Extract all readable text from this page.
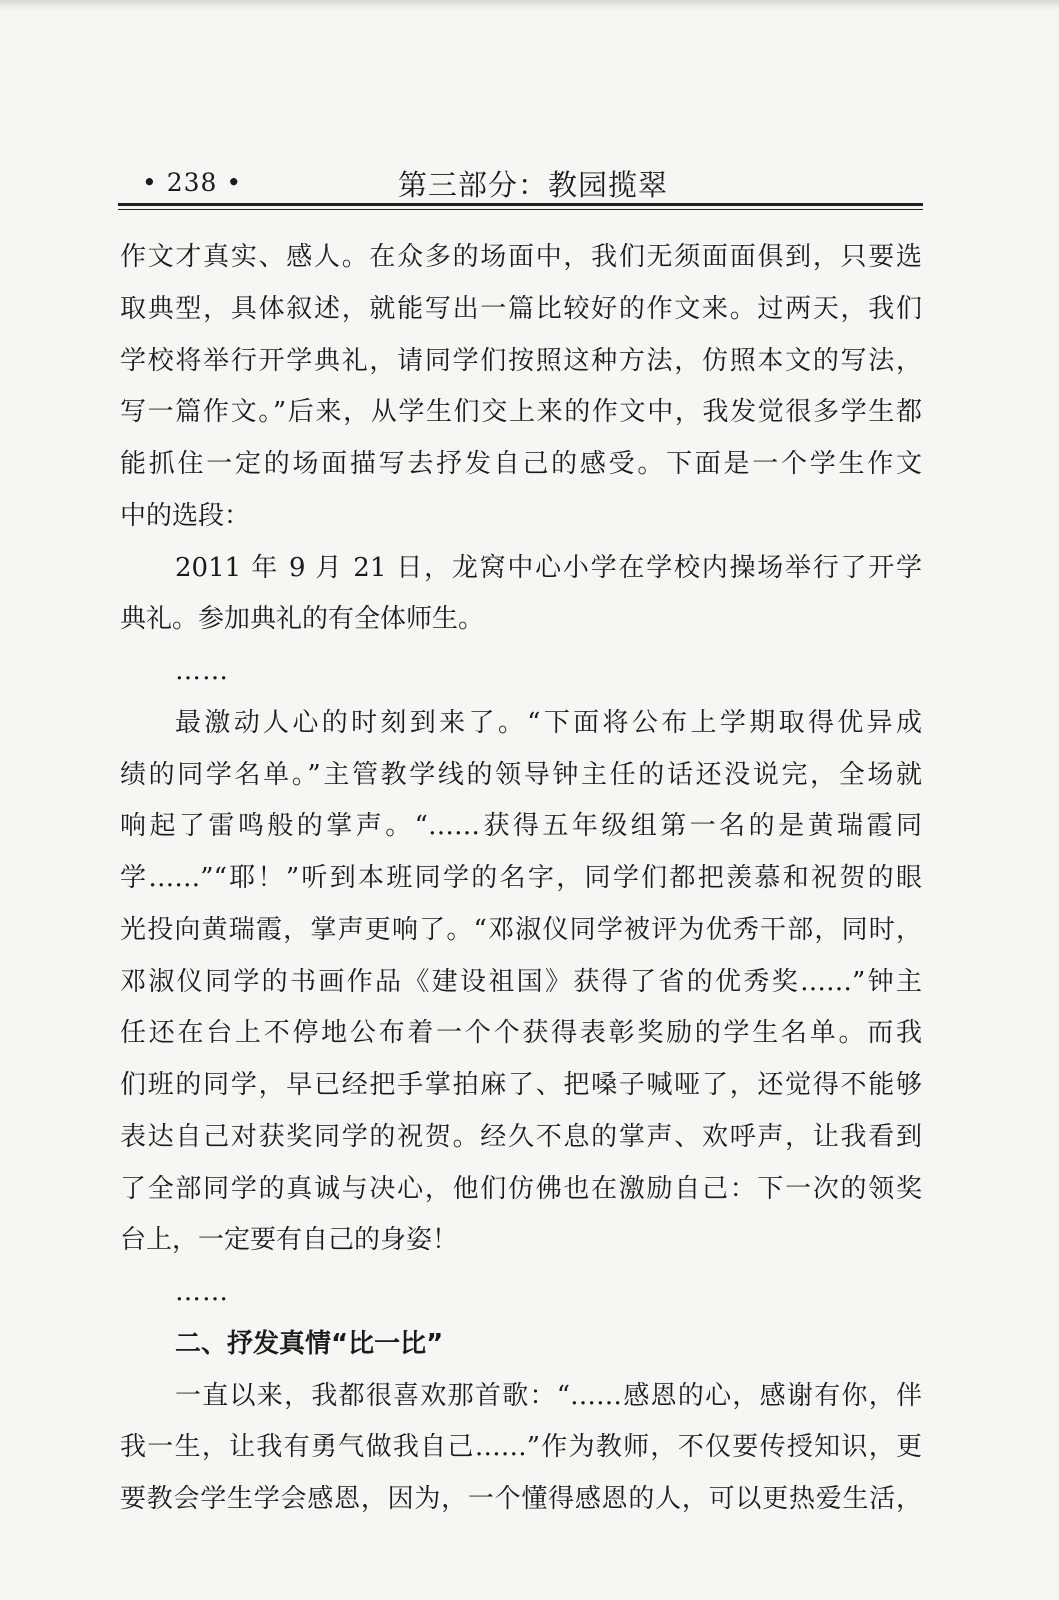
• 238 •	第三部分：教园揽翠
作文才真实、感人。在众多的场面中，我们无须面面俱到，只要选
取典型，具体叙述，就能写出一篇比较好的作文来。过两天，我们
学校将举行开学典礼，请同学们按照这种方法，仿照本文的写法，
写一篇作文。”后来，从学生们交上来的作文中，我发觉很多学生都
能抓住一定的场面描写去抒发自己的感受。下面是一个学生作文
中的选段：
2011 年 9 月 21 日，龙窝中心小学在学校内操场举行了开学
典礼。参加典礼的有全体师生。
……
最激动人心的时刻到来了。“下面将公布上学期取得优异成
绩的同学名单。”主管教学线的领导钟主任的话还没说完，全场就
响起了雷鸣般的掌声。“……获得五年级组第一名的是黄瑞霞同
学……”“耶！”听到本班同学的名字，同学们都把羡慕和祝贺的眼
光投向黄瑞霞，掌声更响了。“邓淑仪同学被评为优秀干部，同时，
邓淑仪同学的书画作品《建设祖国》获得了省的优秀奖……”钟主
任还在台上不停地公布着一个个获得表彰奖励的学生名单。而我
们班的同学，早已经把手掌拍麻了、把嗓子喊哑了，还觉得不能够
表达自己对获奖同学的祝贺。经久不息的掌声、欢呼声，让我看到
了全部同学的真诚与决心，他们仿佛也在激励自己：下一次的领奖
台上，一定要有自己的身姿！
……
二、抒发真情“比一比”
一直以来，我都很喜欢那首歌：“……感恩的心，感谢有你，伴
我一生，让我有勇气做我自己……”作为教师，不仅要传授知识，更
要教会学生学会感恩，因为，一个懂得感恩的人，可以更热爱生活，
